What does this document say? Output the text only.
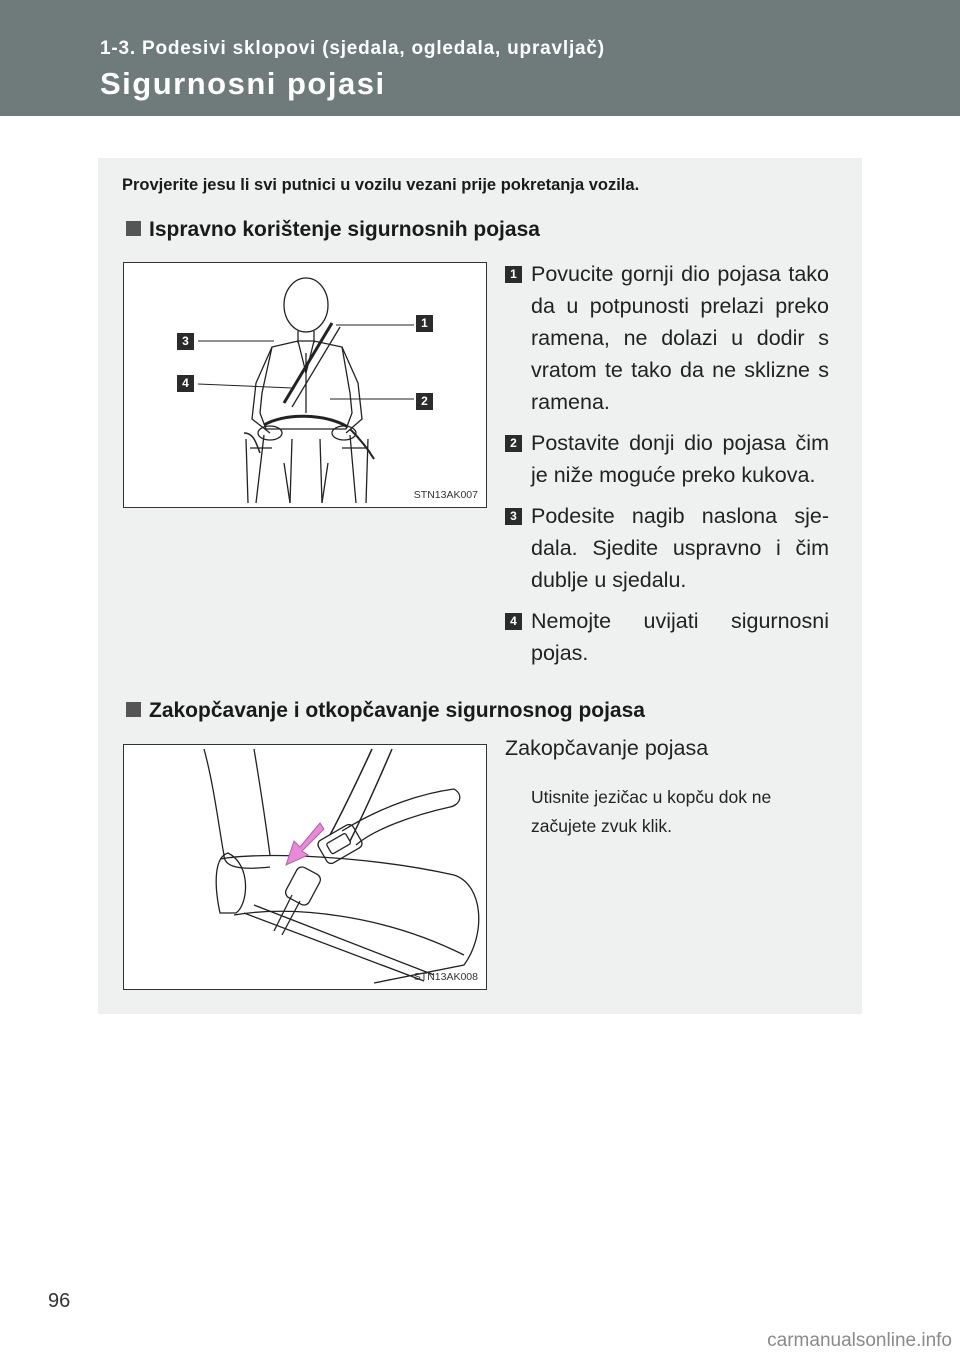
1-3. Podesivi sklopovi (sjedala, ogledala, upravljač)
Sigurnosni pojasi
Provjerite jesu li svi putnici u vozilu vezani prije pokretanja vozila.
Ispravno korištenje sigurnosnih pojasa
3
4
1
2
STN13AK007
1 Povucite gornji dio pojasa tako da u potpunosti prelazi preko ramena, ne dolazi u dodir s vratom te tako da ne sklizne s ramena.
2 Postavite donji dio pojasa čim je niže moguće preko kukova.
3 Podesite nagib naslona sje-dala. Sjedite uspravno i čim dublje u sjedalu.
4 Nemojte uvijati sigurnosni pojas.
Zakopčavanje i otkopčavanje sigurnosnog pojasa
STN13AK008
Zakopčavanje pojasa
Utisnite jezičac u kopču dok ne začujete zvuk klik.
96
carmanualsonline.info
